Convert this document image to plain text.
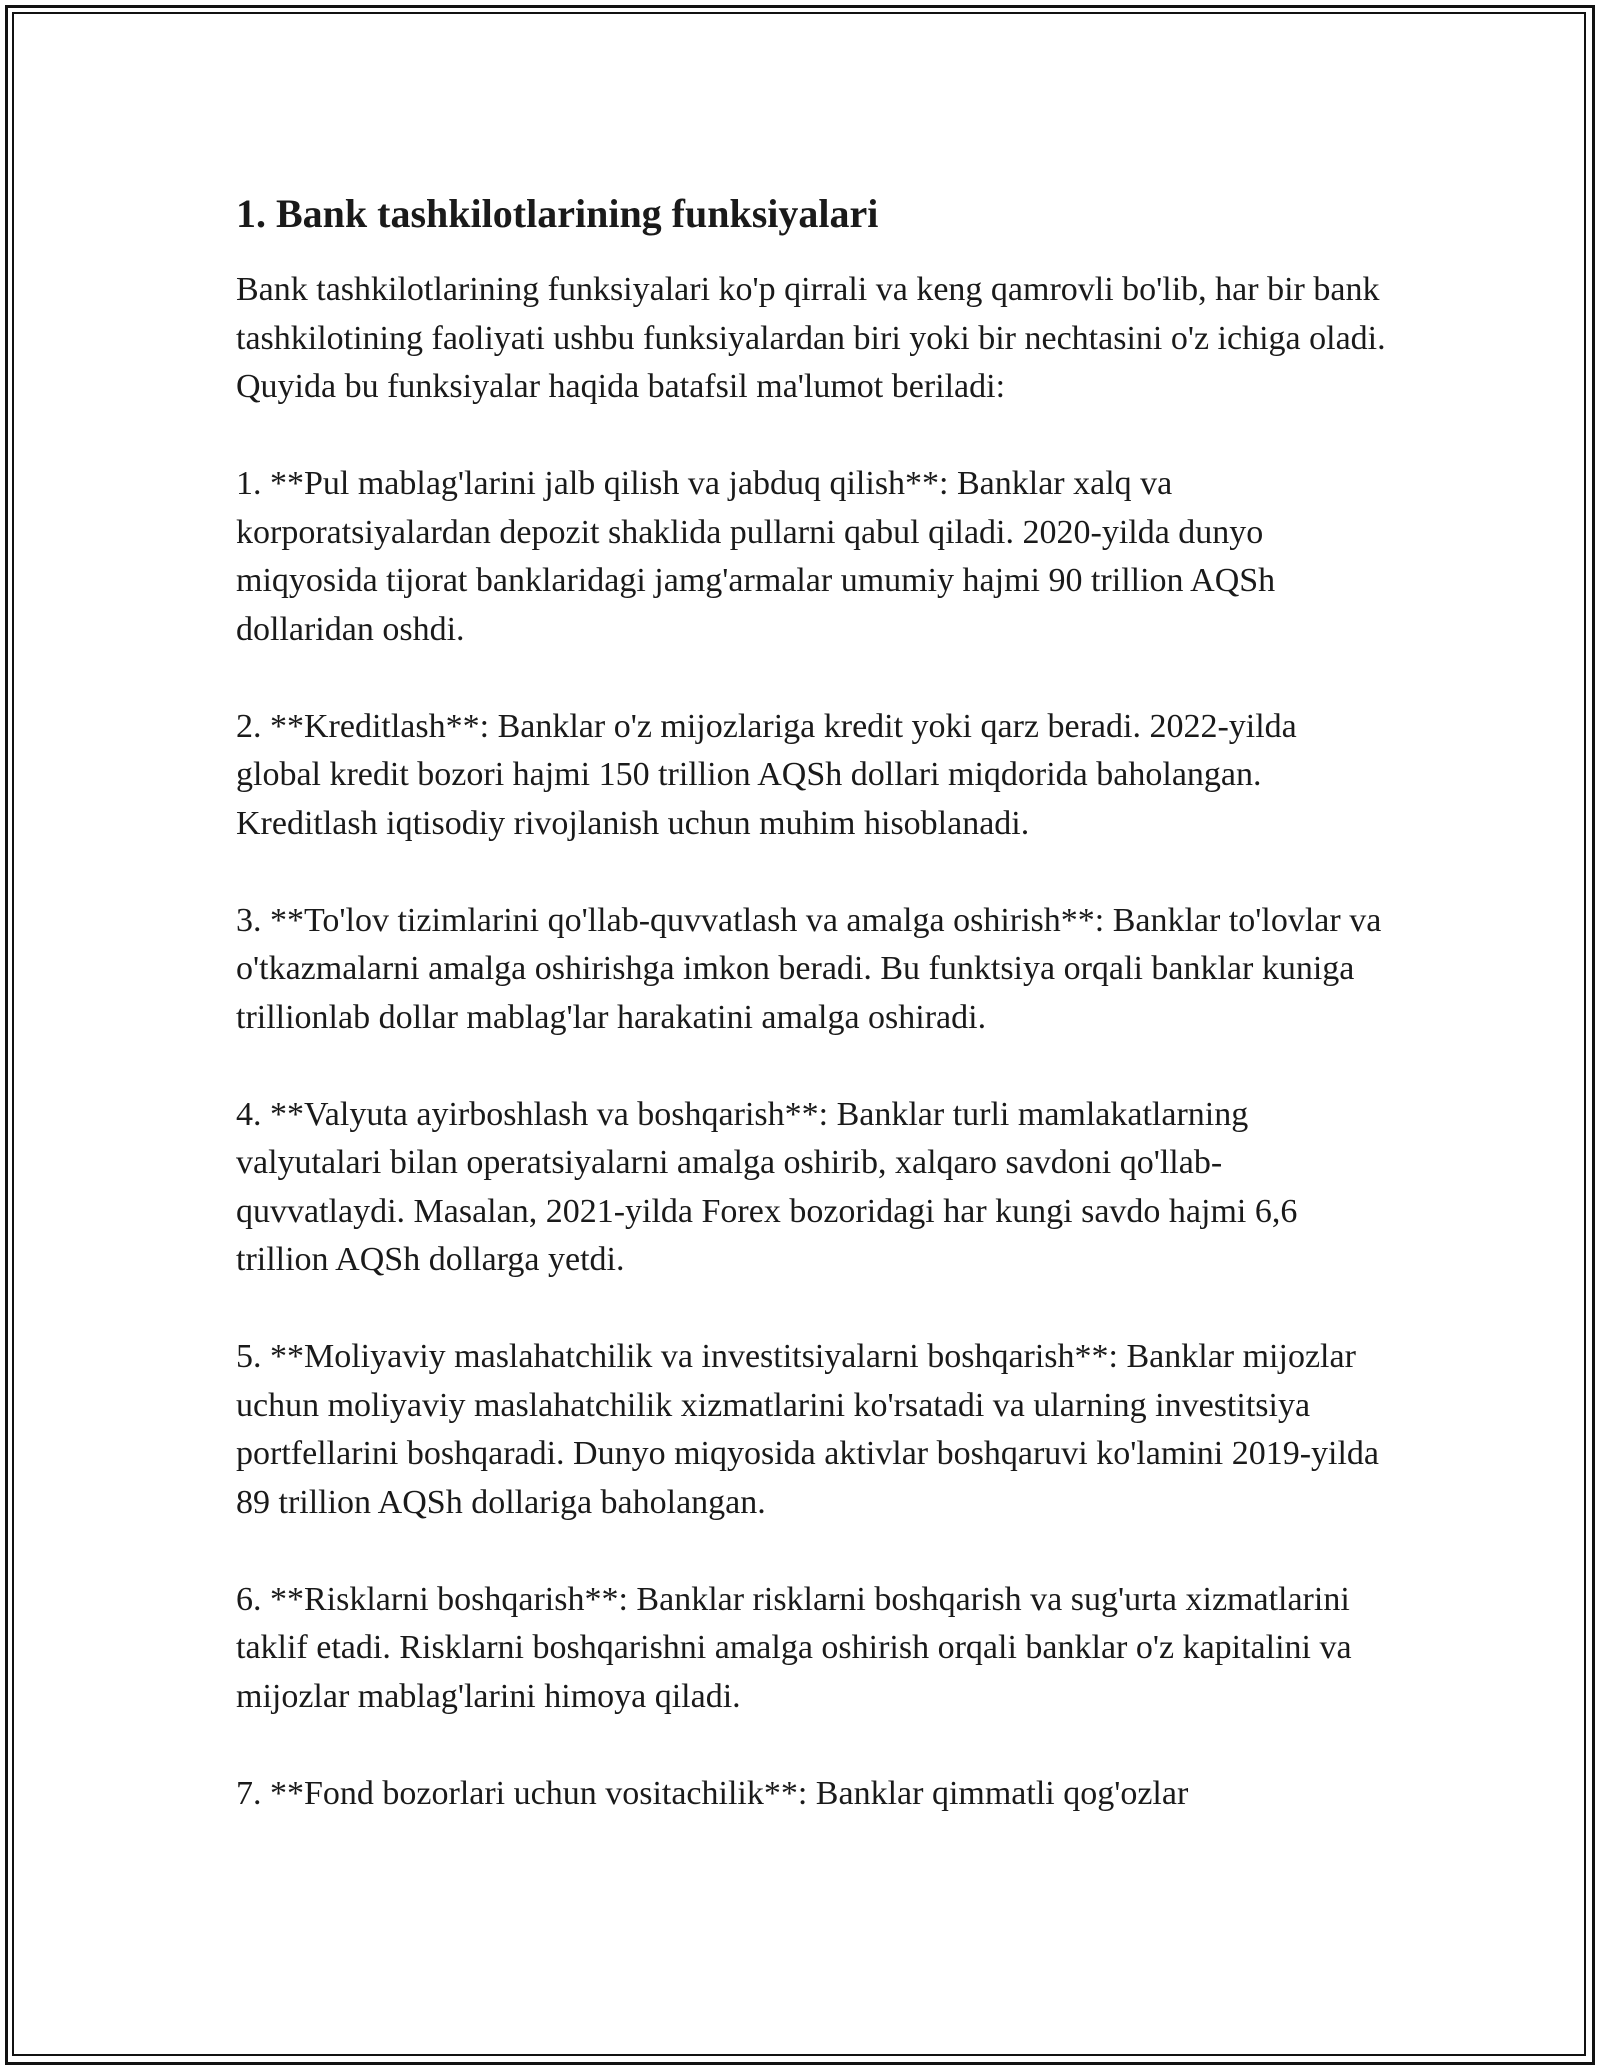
1. Bank tashkilotlarining funksiyalari

Bank tashkilotlarining funksiyalari ko'p qirrali va keng qamrovli bo'lib, har bir bank tashkilotining faoliyati ushbu funksiyalardan biri yoki bir nechtasini o'z ichiga oladi. Quyida bu funksiyalar haqida batafsil ma'lumot beriladi:

1. **Pul mablag'larini jalb qilish va jabduq qilish**: Banklar xalq va korporatsiyalardan depozit shaklida pullarni qabul qiladi. 2020-yilda dunyo miqyosida tijorat banklaridagi jamg'armalar umumiy hajmi 90 trillion AQSh dollaridan oshdi.

2. **Kreditlash**: Banklar o'z mijozlariga kredit yoki qarz beradi. 2022-yilda global kredit bozori hajmi 150 trillion AQSh dollari miqdorida baholangan. Kreditlash iqtisodiy rivojlanish uchun muhim hisoblanadi.

3. **To'lov tizimlarini qo'llab-quvvatlash va amalga oshirish**: Banklar to'lovlar va o'tkazmalarni amalga oshirishga imkon beradi. Bu funktsiya orqali banklar kuniga trillionlab dollar mablag'lar harakatini amalga oshiradi.

4. **Valyuta ayirboshlash va boshqarish**: Banklar turli mamlakatlarning valyutalari bilan operatsiyalarni amalga oshirib, xalqaro savdoni qo'llab-quvvatlaydi. Masalan, 2021-yilda Forex bozoridagi har kungi savdo hajmi 6,6 trillion AQSh dollarga yetdi.

5. **Moliyaviy maslahatchilik va investitsiyalarni boshqarish**: Banklar mijozlar uchun moliyaviy maslahatchilik xizmatlarini ko'rsatadi va ularning investitsiya portfellarini boshqaradi. Dunyo miqyosida aktivlar boshqaruvi ko'lamini 2019-yilda 89 trillion AQSh dollariga baholangan.

6. **Risklarni boshqarish**: Banklar risklarni boshqarish va sug'urta xizmatlarini taklif etadi. Risklarni boshqarishni amalga oshirish orqali banklar o'z kapitalini va mijozlar mablag'larini himoya qiladi.

7. **Fond bozorlari uchun vositachilik**: Banklar qimmatli qog'ozlar
